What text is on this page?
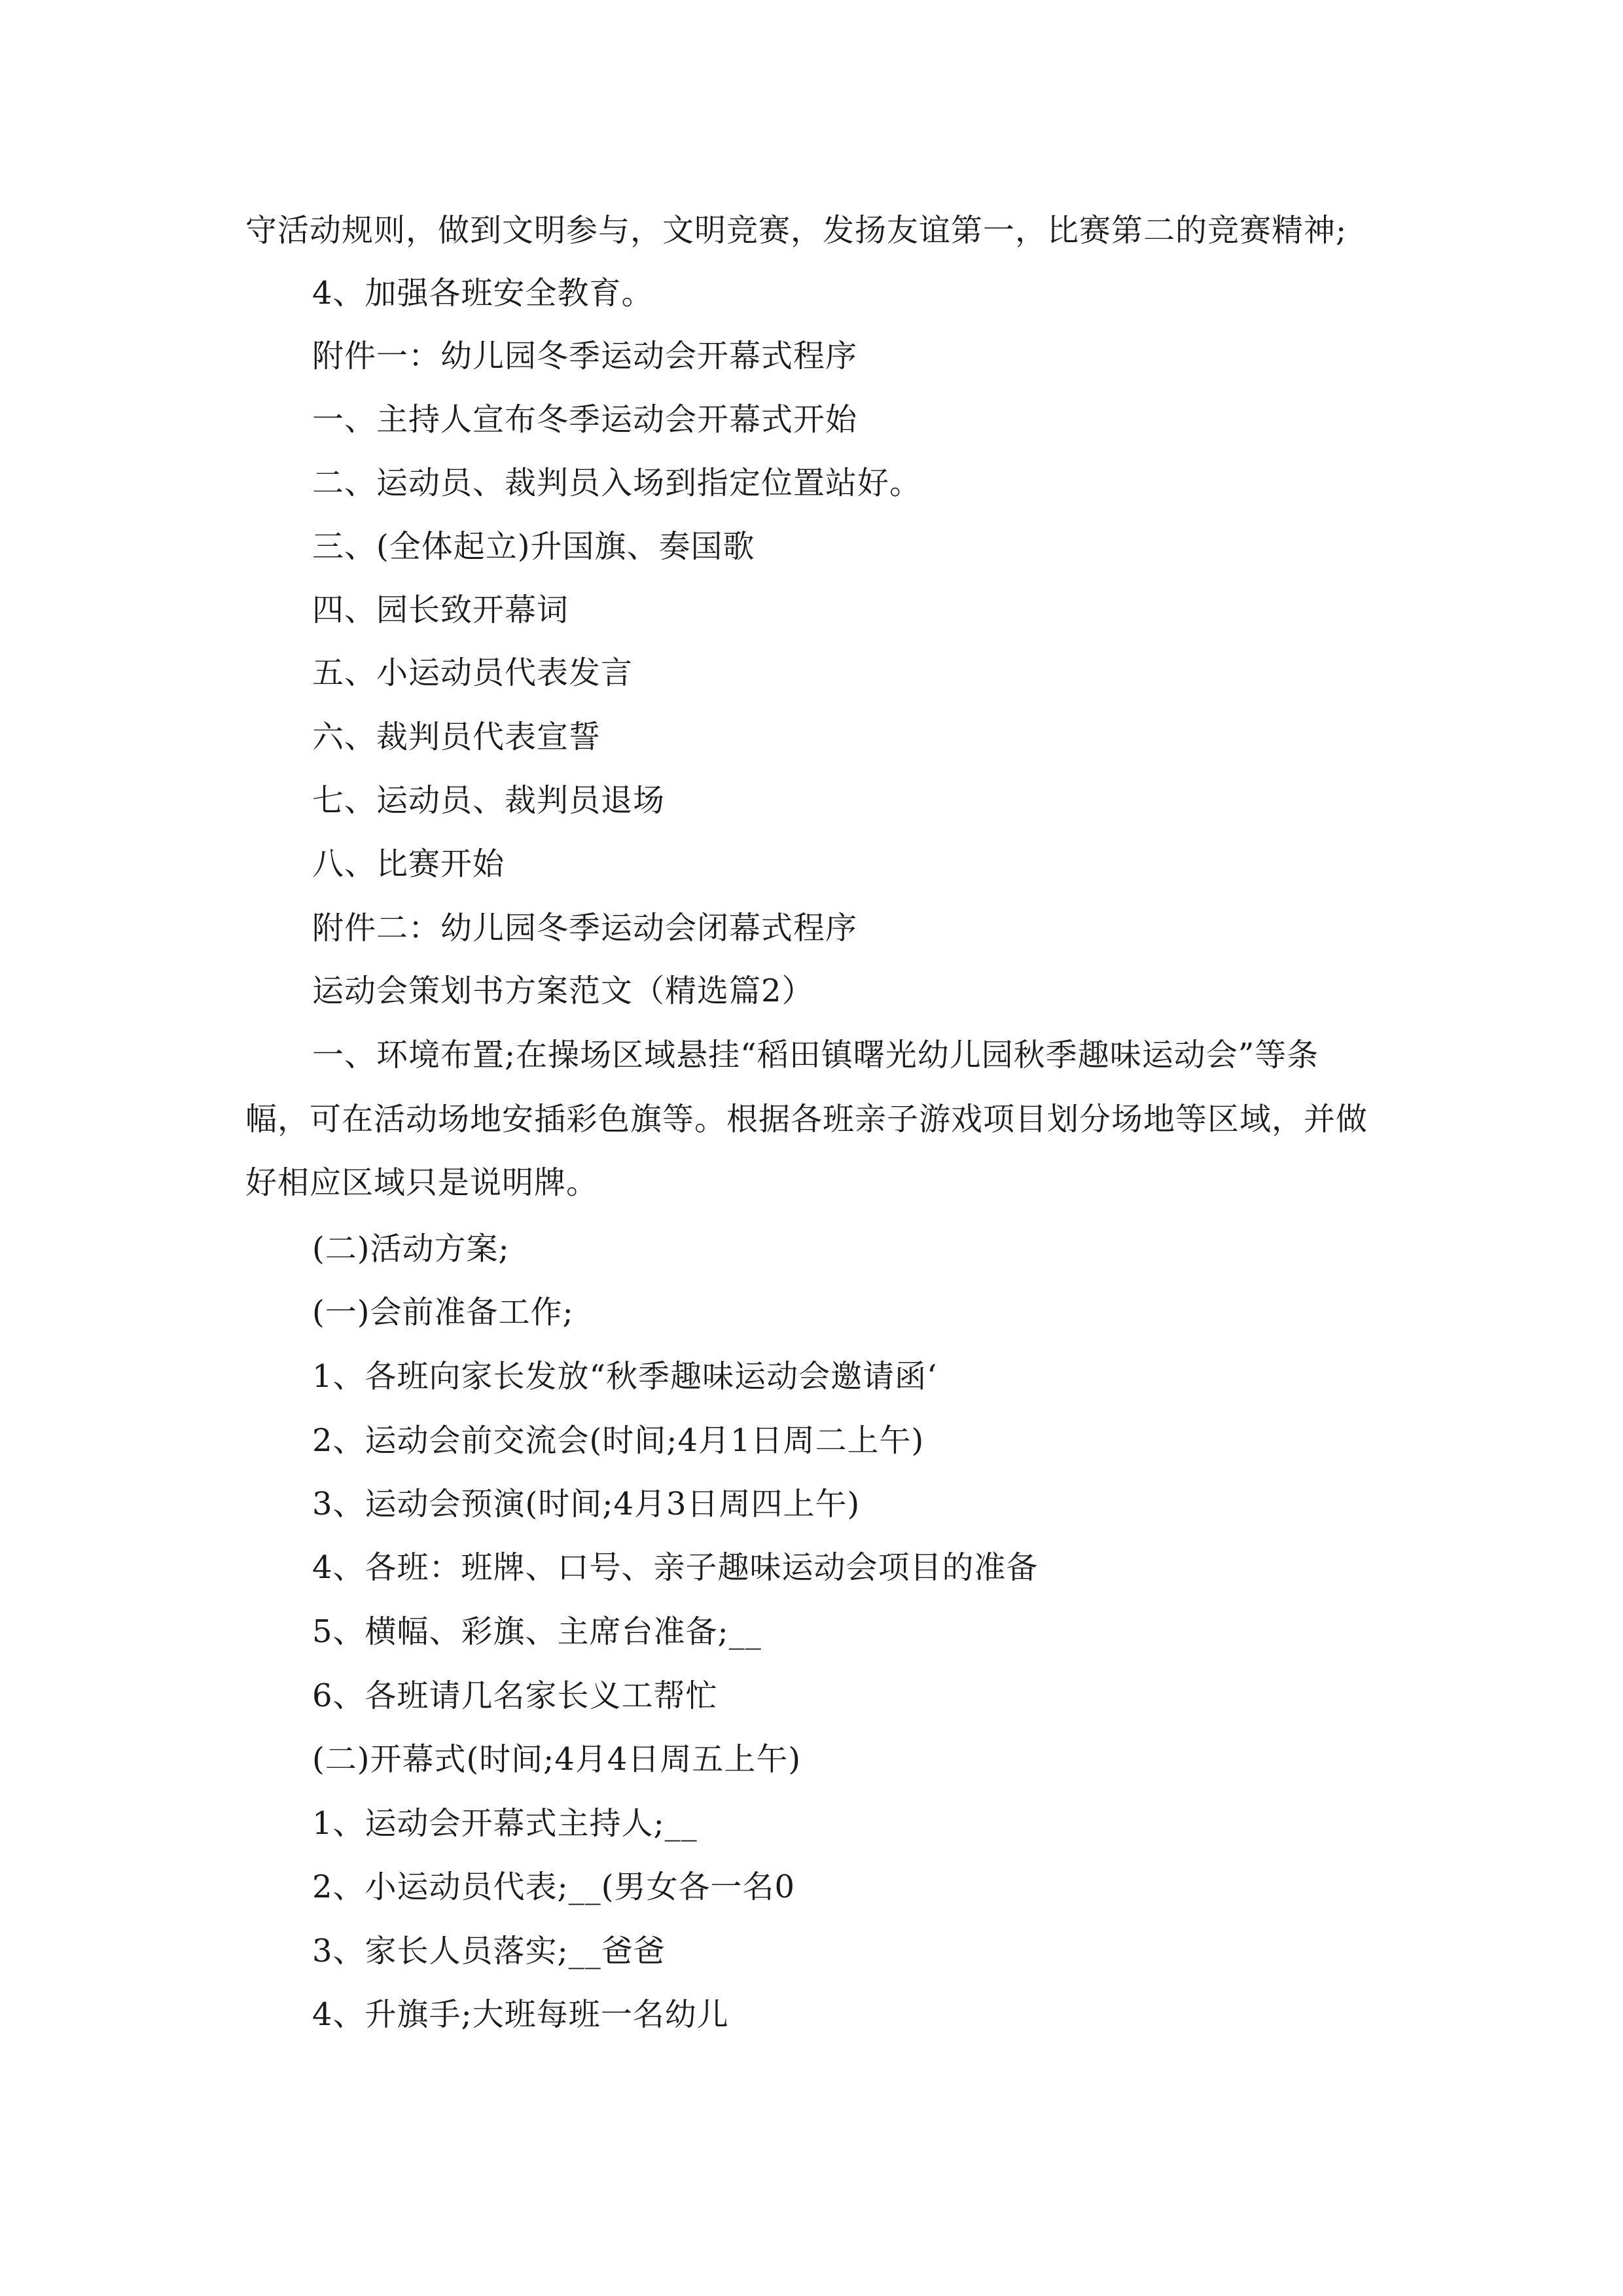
守活动规则，做到文明参与，文明竞赛，发扬友谊第一，比赛第二的竞赛精神;
4、加强各班安全教育。
附件一：幼儿园冬季运动会开幕式程序
一、主持人宣布冬季运动会开幕式开始
二、运动员、裁判员入场到指定位置站好。
三、(全体起立)升国旗、奏国歌
四、园长致开幕词
五、小运动员代表发言
六、裁判员代表宣誓
七、运动员、裁判员退场
八、比赛开始
附件二：幼儿园冬季运动会闭幕式程序
运动会策划书方案范文（精选篇2）
一、环境布置;在操场区域悬挂“稻田镇曙光幼儿园秋季趣味运动会”等条
幅，可在活动场地安插彩色旗等。根据各班亲子游戏项目划分场地等区域，并做
好相应区域只是说明牌。
(二)活动方案;
(一)会前准备工作;
1、各班向家长发放“秋季趣味运动会邀请函‘
2、运动会前交流会(时间;4月1日周二上午)
3、运动会预演(时间;4月3日周四上午)
4、各班：班牌、口号、亲子趣味运动会项目的准备
5、横幅、彩旗、主席台准备;__
6、各班请几名家长义工帮忙
(二)开幕式(时间;4月4日周五上午)
1、运动会开幕式主持人;__
2、小运动员代表;__(男女各一名0
3、家长人员落实;__爸爸
4、升旗手;大班每班一名幼儿
